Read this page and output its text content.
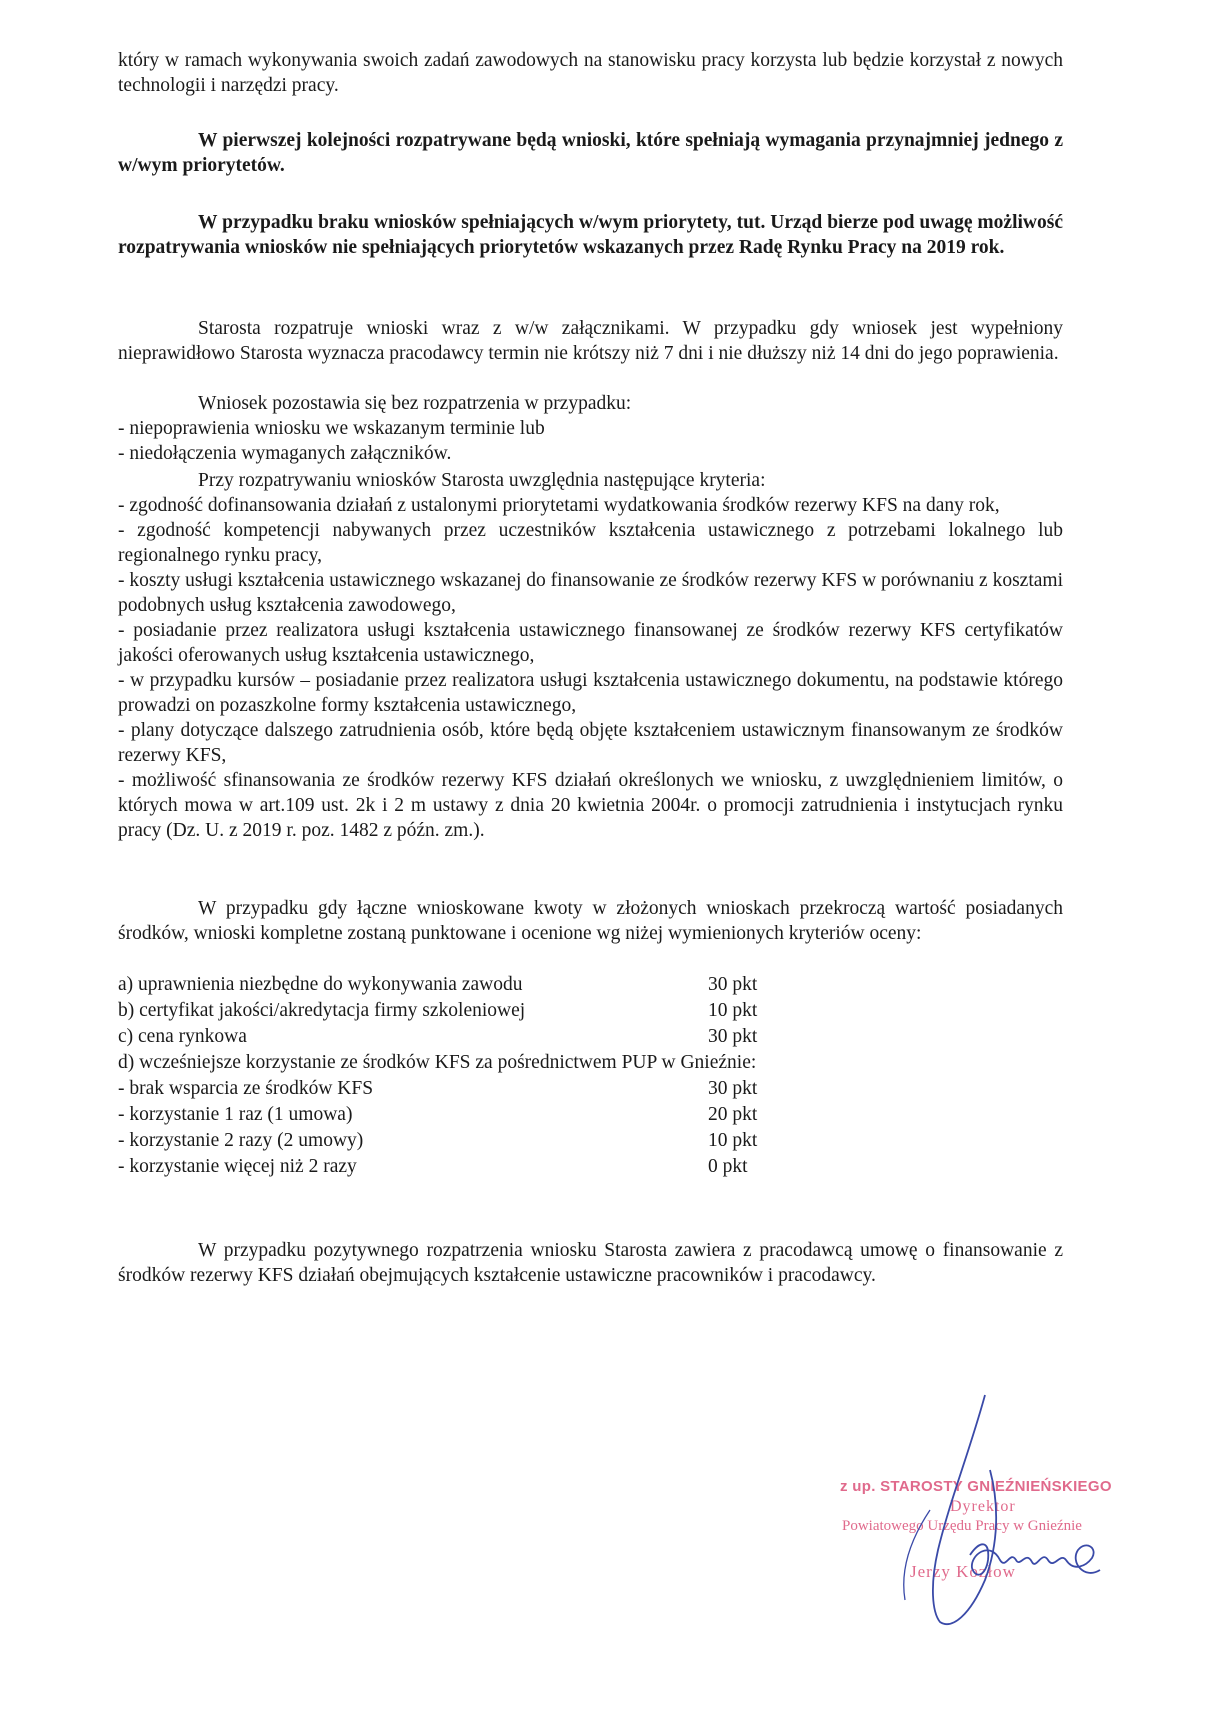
który w ramach wykonywania swoich zadań zawodowych na stanowisku pracy korzysta lub będzie korzystał z nowych technologii i narzędzi pracy.

W pierwszej kolejności rozpatrywane będą wnioski, które spełniają wymagania przynajmniej jednego z w/wym priorytetów.

W przypadku braku wniosków spełniających w/wym priorytety, tut. Urząd bierze pod uwagę możliwość rozpatrywania wniosków nie spełniających priorytetów wskazanych przez Radę Rynku Pracy na 2019 rok.

Starosta rozpatruje wnioski wraz z w/w załącznikami. W przypadku gdy wniosek jest wypełniony nieprawidłowo Starosta wyznacza pracodawcy termin nie krótszy niż 7 dni i nie dłuższy niż 14 dni do jego poprawienia.

Wniosek pozostawia się bez rozpatrzenia w przypadku:

- niepoprawienia wniosku we wskazanym terminie lub

- niedołączenia wymaganych załączników.

Przy rozpatrywaniu wniosków Starosta uwzględnia następujące kryteria:

- zgodność dofinansowania działań z ustalonymi priorytetami wydatkowania środków rezerwy KFS na dany rok,

- zgodność kompetencji nabywanych przez uczestników kształcenia ustawicznego z potrzebami lokalnego lub regionalnego rynku pracy,

- koszty usługi kształcenia ustawicznego wskazanej do finansowanie ze środków rezerwy KFS w porównaniu z kosztami podobnych usług kształcenia zawodowego,

- posiadanie przez realizatora usługi kształcenia ustawicznego finansowanej ze środków rezerwy KFS certyfikatów jakości oferowanych usług kształcenia ustawicznego,

- w przypadku kursów – posiadanie przez realizatora usługi kształcenia ustawicznego dokumentu, na podstawie którego prowadzi on pozaszkolne formy kształcenia ustawicznego,

- plany dotyczące dalszego zatrudnienia osób, które będą objęte kształceniem ustawicznym finansowanym ze środków rezerwy KFS,

- możliwość sfinansowania ze środków rezerwy KFS działań określonych we wniosku, z uwzględnieniem limitów, o których mowa w art.109 ust. 2k i 2 m ustawy z dnia 20 kwietnia 2004r. o promocji zatrudnienia i instytucjach rynku pracy (Dz. U. z 2019 r. poz. 1482 z późn. zm.).

W przypadku gdy łączne wnioskowane kwoty w złożonych wnioskach przekroczą wartość posiadanych środków, wnioski kompletne zostaną punktowane i ocenione wg niżej wymienionych kryteriów oceny:

a) uprawnienia niezbędne do wykonywania zawodu	30 pkt
b) certyfikat jakości/akredytacja firmy szkoleniowej	10 pkt
c) cena rynkowa	30 pkt
d) wcześniejsze korzystanie ze środków KFS za pośrednictwem PUP w Gnieźnie:
- brak wsparcia ze środków KFS	30 pkt
- korzystanie 1 raz (1 umowa)	20 pkt
- korzystanie 2 razy (2 umowy)	10 pkt
- korzystanie więcej niż 2 razy	0 pkt

W przypadku pozytywnego rozpatrzenia wniosku Starosta zawiera z pracodawcą umowę o finansowanie z środków rezerwy KFS działań obejmujących kształcenie ustawiczne pracowników i pracodawcy.

z up. STAROSTY GNIEŹNIEŃSKIEGO
Dyrektor
Powiatowego Urzędu Pracy w Gnieźnie
Jerzy Kozłow
